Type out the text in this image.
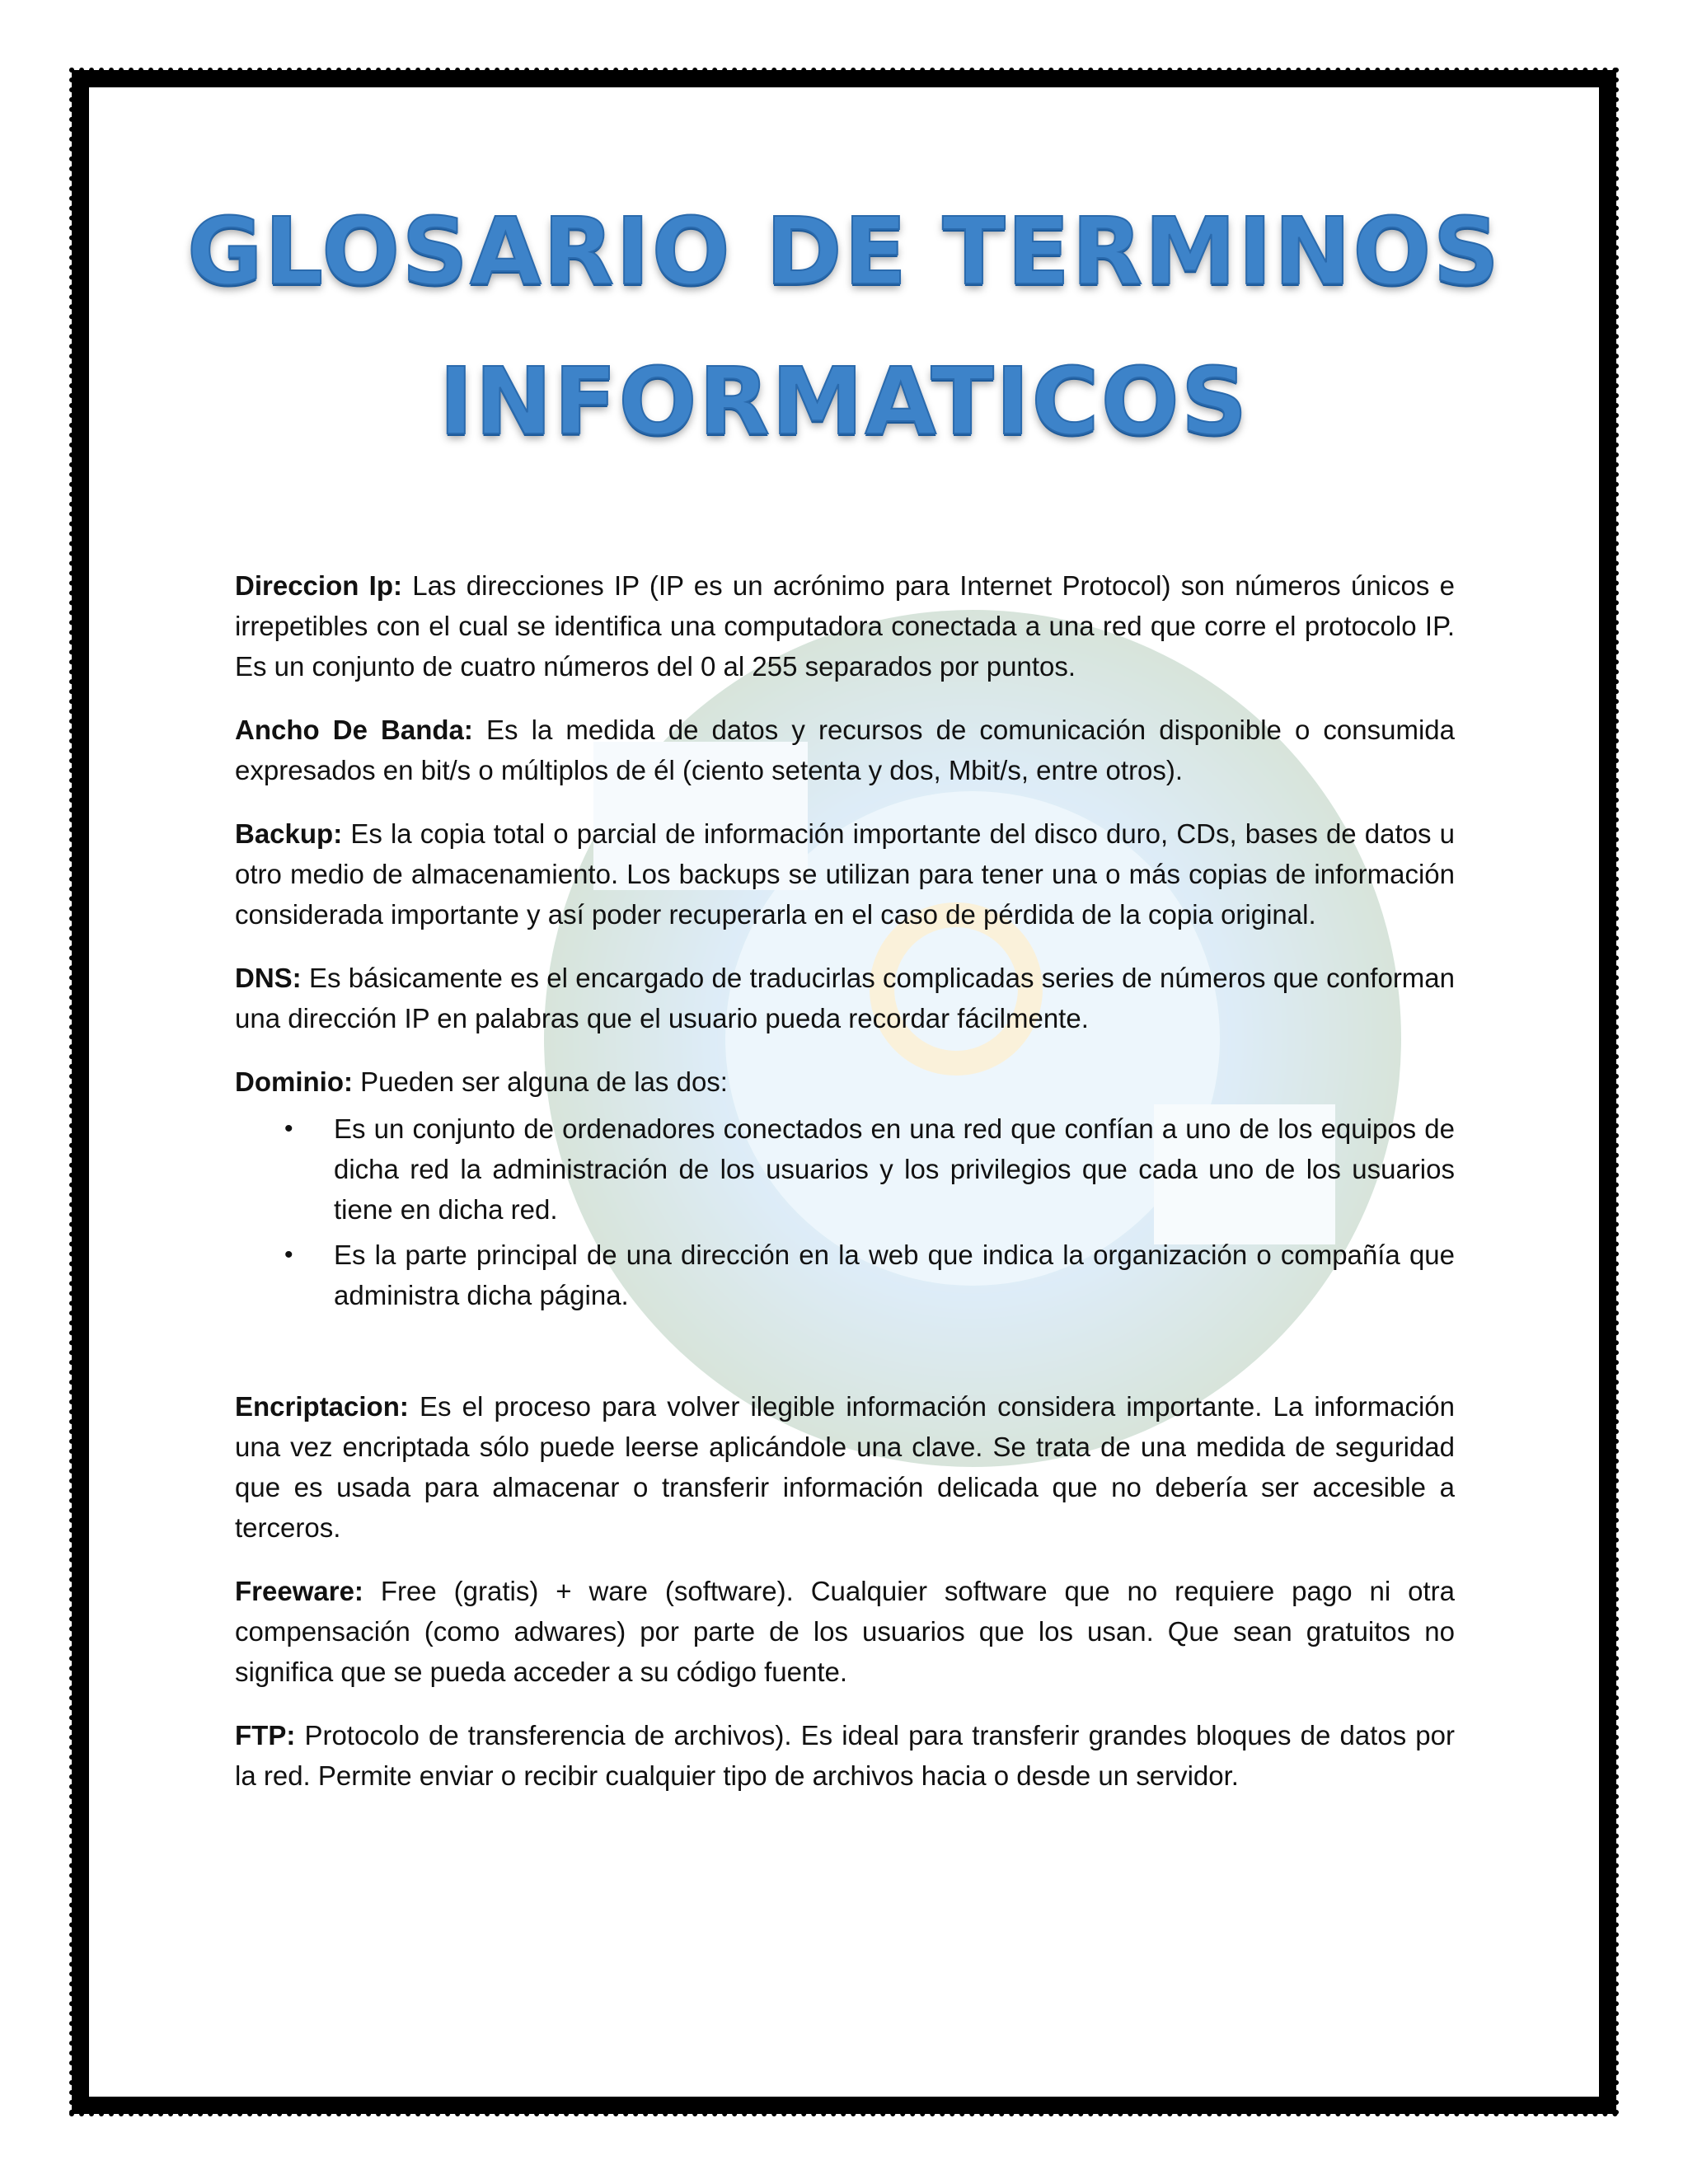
GLOSARIO DE TERMINOS
INFORMATICOS

Direccion Ip: Las direcciones IP (IP es un acrónimo para Internet Protocol) son números únicos e irrepetibles con el cual se identifica una computadora conectada a una red que corre el protocolo IP. Es un conjunto de cuatro números del 0 al 255 separados por puntos.

Ancho De Banda: Es la medida de datos y recursos de comunicación disponible o consumida expresados en bit/s o múltiplos de él (ciento setenta y dos, Mbit/s, entre otros).

Backup: Es la copia total o parcial de información importante del disco duro, CDs, bases de datos u otro medio de almacenamiento. Los backups se utilizan para tener una o más copias de información considerada importante y así poder recuperarla en el caso de pérdida de la copia original.

DNS: Es básicamente es el encargado de traducirlas complicadas series de números que conforman una dirección IP en palabras que el usuario pueda recordar fácilmente.

Dominio: Pueden ser alguna de las dos:
• Es un conjunto de ordenadores conectados en una red que confían a uno de los equipos de dicha red la administración de los usuarios y los privilegios que cada uno de los usuarios tiene en dicha red.
• Es la parte principal de una dirección en la web que indica la organización o compañía que administra dicha página.

Encriptacion: Es el proceso para volver ilegible información considera importante. La información una vez encriptada sólo puede leerse aplicándole una clave. Se trata de una medida de seguridad que es usada para almacenar o transferir información delicada que no debería ser accesible a terceros.

Freeware: Free (gratis) + ware (software). Cualquier software que no requiere pago ni otra compensación (como adwares) por parte de los usuarios que los usan. Que sean gratuitos no significa que se pueda acceder a su código fuente.

FTP: Protocolo de transferencia de archivos). Es ideal para transferir grandes bloques de datos por la red. Permite enviar o recibir cualquier tipo de archivos hacia o desde un servidor.
